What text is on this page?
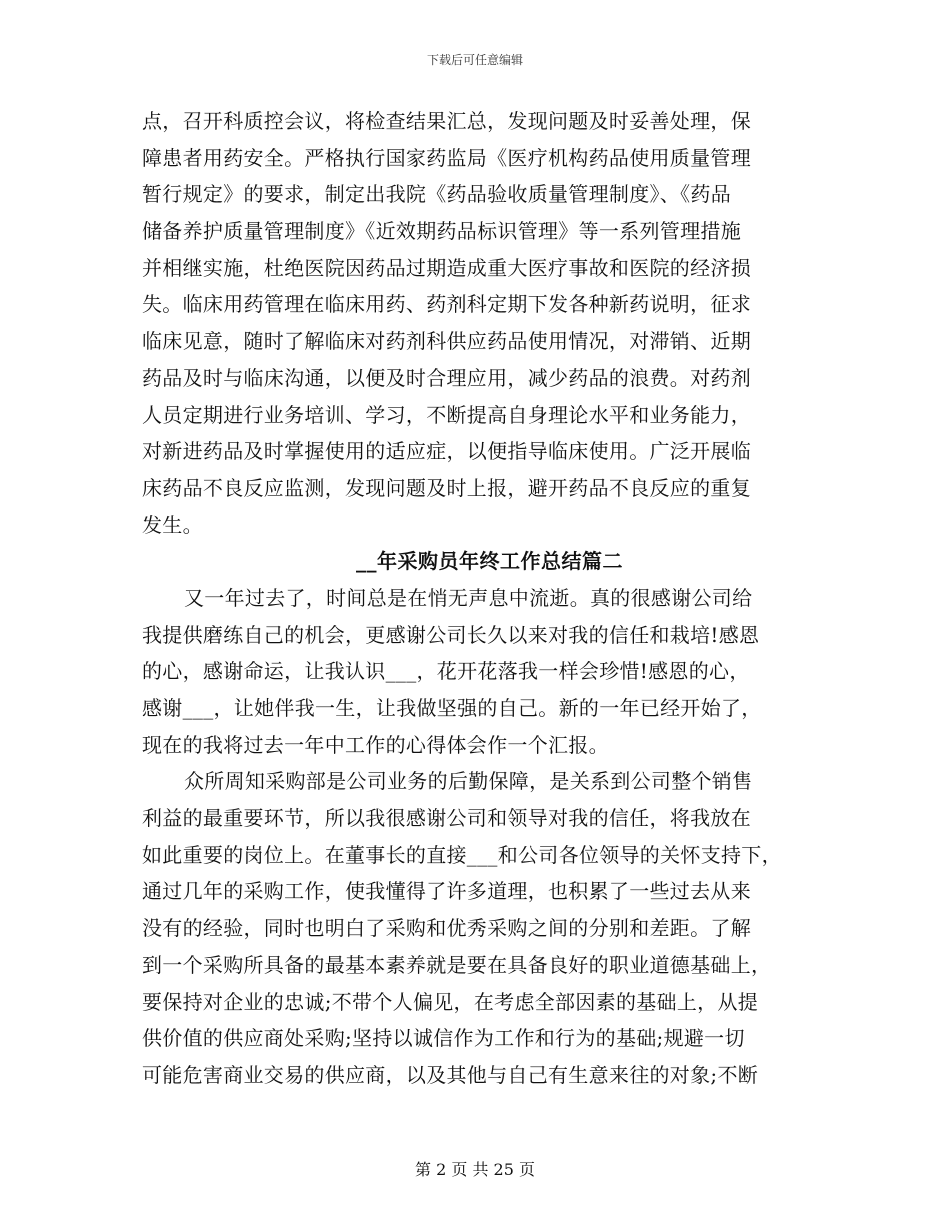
下载后可任意编辑
点，召开科质控会议，将检查结果汇总，发现问题及时妥善处理，保
障患者用药安全。严格执行国家药监局《医疗机构药品使用质量管理
暂行规定》的要求，制定出我院《药品验收质量管理制度》、《药品
储备养护质量管理制度》《近效期药品标识管理》等一系列管理措施
并相继实施，杜绝医院因药品过期造成重大医疗事故和医院的经济损
失。临床用药管理在临床用药、药剂科定期下发各种新药说明，征求
临床见意，随时了解临床对药剂科供应药品使用情况，对滞销、近期
药品及时与临床沟通，以便及时合理应用，减少药品的浪费。对药剂
人员定期进行业务培训、学习，不断提高自身理论水平和业务能力，
对新进药品及时掌握使用的适应症，以便指导临床使用。广泛开展临
床药品不良反应监测，发现问题及时上报，避开药品不良反应的重复
发生。
__年采购员年终工作总结篇二
又一年过去了，时间总是在悄无声息中流逝。真的很感谢公司给
我提供磨练自己的机会，更感谢公司长久以来对我的信任和栽培!感恩
的心，感谢命运，让我认识___，花开花落我一样会珍惜!感恩的心，
感谢___，让她伴我一生，让我做坚强的自己。新的一年已经开始了，
现在的我将过去一年中工作的心得体会作一个汇报。
众所周知采购部是公司业务的后勤保障，是关系到公司整个销售
利益的最重要环节，所以我很感谢公司和领导对我的信任，将我放在
如此重要的岗位上。在董事长的直接___和公司各位领导的关怀支持下，
通过几年的采购工作，使我懂得了许多道理，也积累了一些过去从来
没有的经验，同时也明白了采购和优秀采购之间的分别和差距。了解
到一个采购所具备的最基本素养就是要在具备良好的职业道德基础上，
要保持对企业的忠诚;不带个人偏见，在考虑全部因素的基础上，从提
供价值的供应商处采购;坚持以诚信作为工作和行为的基础;规避一切
可能危害商业交易的供应商，以及其他与自己有生意来往的对象;不断
第 2 页 共 25 页
